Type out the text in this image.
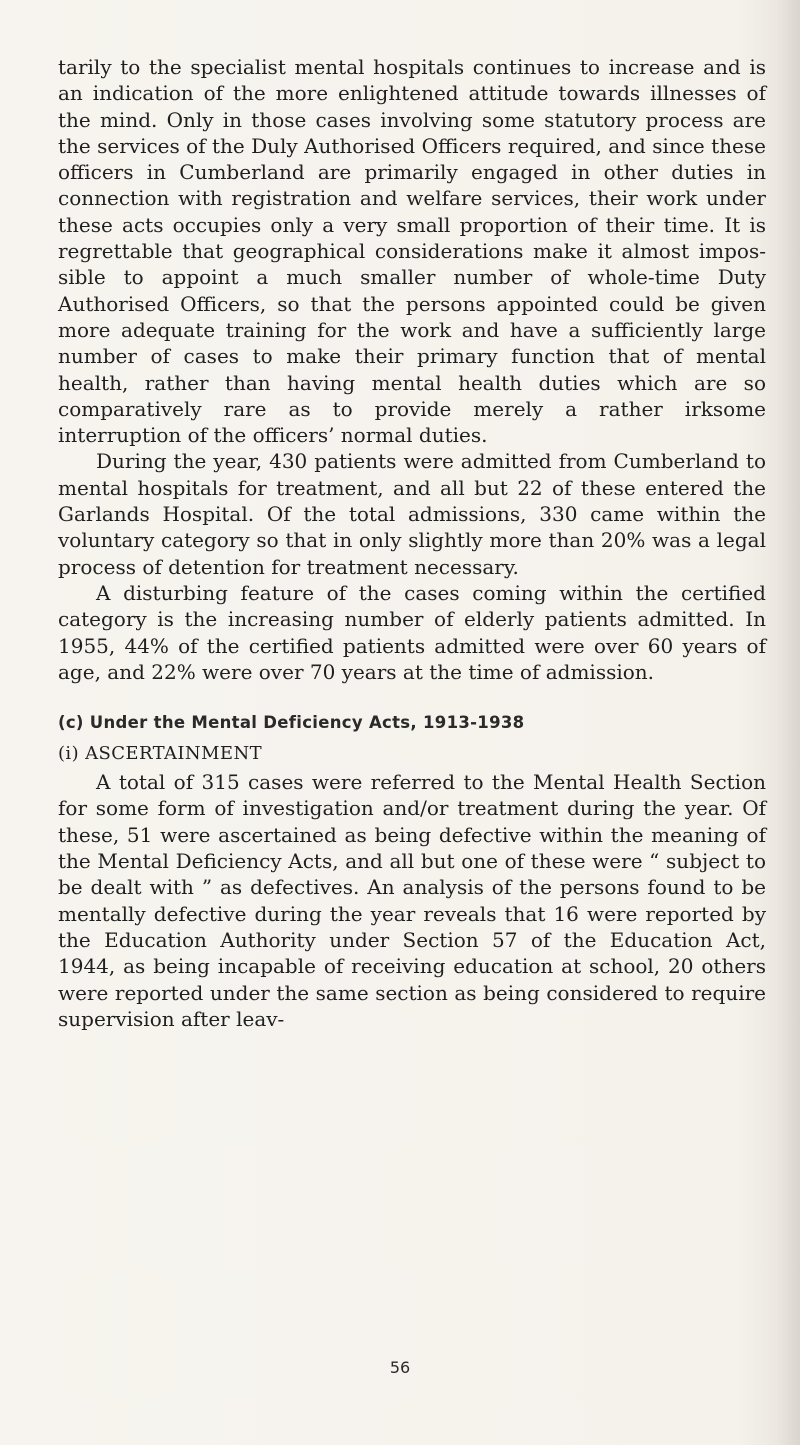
tarily to the specialist mental hospitals continues to increase and is an indication of the more enlightened attitude towards illnesses of the mind. Only in those cases involving some statutory process are the services of the Duly Authorised Officers required, and since these officers in Cumberland are primarily engaged in other duties in connection with registration and welfare services, their work under these acts occupies only a very small proportion of their time. It is regrettable that geographical considerations make it almost impossible to appoint a much smaller number of whole-time Duty Authorised Officers, so that the persons appointed could be given more adequate training for the work and have a sufficiently large number of cases to make their primary function that of mental health, rather than having mental health duties which are so comparatively rare as to provide merely a rather irksome interruption of the officers’ normal duties.

During the year, 430 patients were admitted from Cumberland to mental hospitals for treatment, and all but 22 of these entered the Garlands Hospital. Of the total admissions, 330 came within the voluntary category so that in only slightly more than 20% was a legal process of detention for treatment necessary.

A disturbing feature of the cases coming within the certified category is the increasing number of elderly patients admitted. In 1955, 44% of the certified patients admitted were over 60 years of age, and 22% were over 70 years at the time of admission.

(c) Under the Mental Deficiency Acts, 1913-1938
(i) ASCERTAINMENT

A total of 315 cases were referred to the Mental Health Section for some form of investigation and/or treatment during the year. Of these, 51 were ascertained as being defective within the meaning of the Mental Deficiency Acts, and all but one of these were “ subject to be dealt with ” as defectives. An analysis of the persons found to be mentally defective during the year reveals that 16 were reported by the Education Authority under Section 57 of the Education Act, 1944, as being incapable of receiving education at school, 20 others were reported under the same section as being considered to require supervision after leav-

56
